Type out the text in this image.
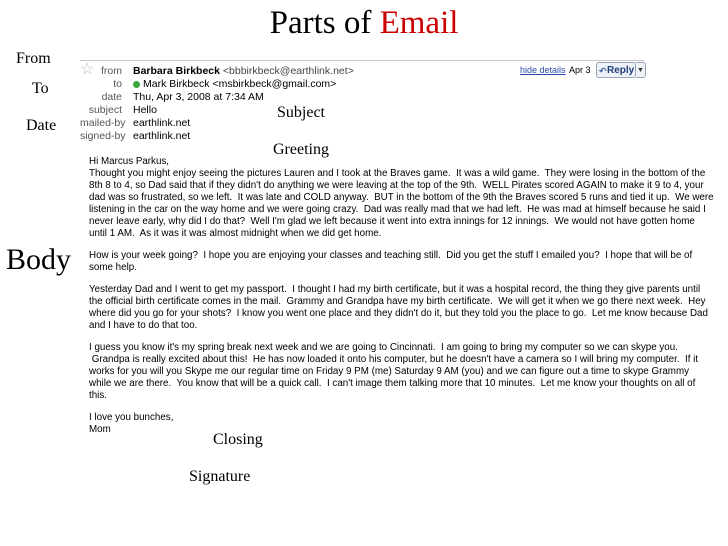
Parts of Email
From
To
Date
Body
Subject
Greeting
Closing
Signature
☆ from Barbara Birkbeck <bbbirkbeck@earthlink.net>
to	Mark Birkbeck <msbirkbeck@gmail.com>
date Thu, Apr 3, 2008 at 7:34 AM
subject Hello
mailed-by earthlink.net
signed-by earthlink.net
hide details Apr 3 ↶ Reply ▼

Hi Marcus Parkus,
Thought you might enjoy seeing the pictures Lauren and I took at the Braves game.  It was a wild game.  They were losing in the bottom of the
8th 8 to 4, so Dad said that if they didn't do anything we were leaving at the top of the 9th.  WELL Pirates scored AGAIN to make it 9 to 4, your
dad was so frustrated, so we left.  It was late and COLD anyway.  BUT in the bottom of the 9th the Braves scored 5 runs and tied it up.  We were
listening in the car on the way home and we were going crazy.  Dad was really mad that we had left.  He was mad at himself because he said I
never leave early, why did I do that?  Well I'm glad we left because it went into extra innings for 12 innings.  We would not have gotten home
until 1 AM.  As it was it was almost midnight when we did get home.

How is your week going?  I hope you are enjoying your classes and teaching still.  Did you get the stuff I emailed you?  I hope that will be of
some help.

Yesterday Dad and I went to get my passport.  I thought I had my birth certificate, but it was a hospital record, the thing they give parents until
the official birth certificate comes in the mail.  Grammy and Grandpa have my birth certificate.  We will get it when we go there next week.  Hey
where did you go for your shots?  I know you went one place and they didn't do it, but they told you the place to go.  Let me know because Dad
and I have to do that too.

I guess you know it's my spring break next week and we are going to Cincinnati.  I am going to bring my computer so we can skype you.
Grandpa is really excited about this!  He has now loaded it onto his computer, but he doesn't have a camera so I will bring my computer.  If it
works for you will you Skype me our regular time on Friday 9 PM (me) Saturday 9 AM (you) and we can figure out a time to skype Grammy
while we are there.  You know that will be a quick call.  I can't image them talking more that 10 minutes.  Let me know your thoughts on all of
this.

I love you bunches,
Mom
